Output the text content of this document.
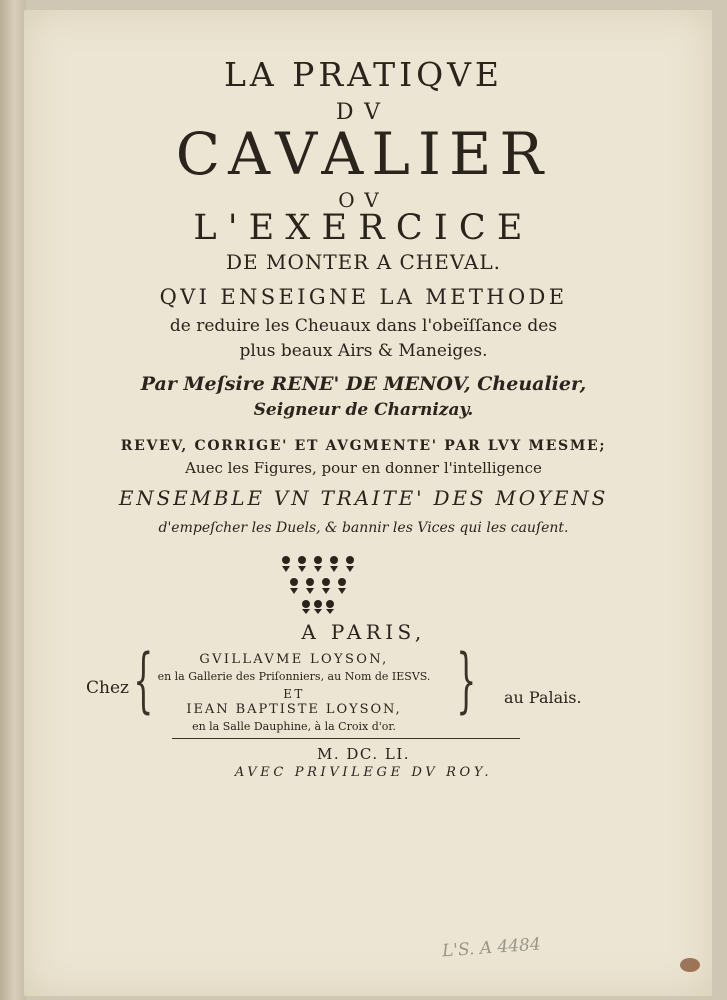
LA PRATIQVE
DV
CAVALIER
OV
L'EXERCICE
DE MONTER A CHEVAL.
QVI ENSEIGNE LA METHODE
de reduire les Cheuaux dans l'obeïſſance des
plus beaux Airs & Maneiges.
Par Meſsire RENE' DE MENOV, Cheualier,
Seigneur de Charnizay.
REVEV, CORRIGE' ET AVGMENTE' PAR LVY MESME;
Auec les Figures, pour en donner l'intelligence
ENSEMBLE VN TRAITE' DES MOYENS
d'empeſcher les Duels, & bannir les Vices qui les cauſent.
A PARIS,
Chez {	GVILLAVME LOYSON,
en la Gallerie des Priſonniers, au Nom de IESVS.
ET
IEAN BAPTISTE LOYSON,
en la Salle Dauphine, à la Croix d'or.
} au Palais.
M. DC. LI.
AVEC PRIVILEGE DV ROY.
L'S. A 4484
